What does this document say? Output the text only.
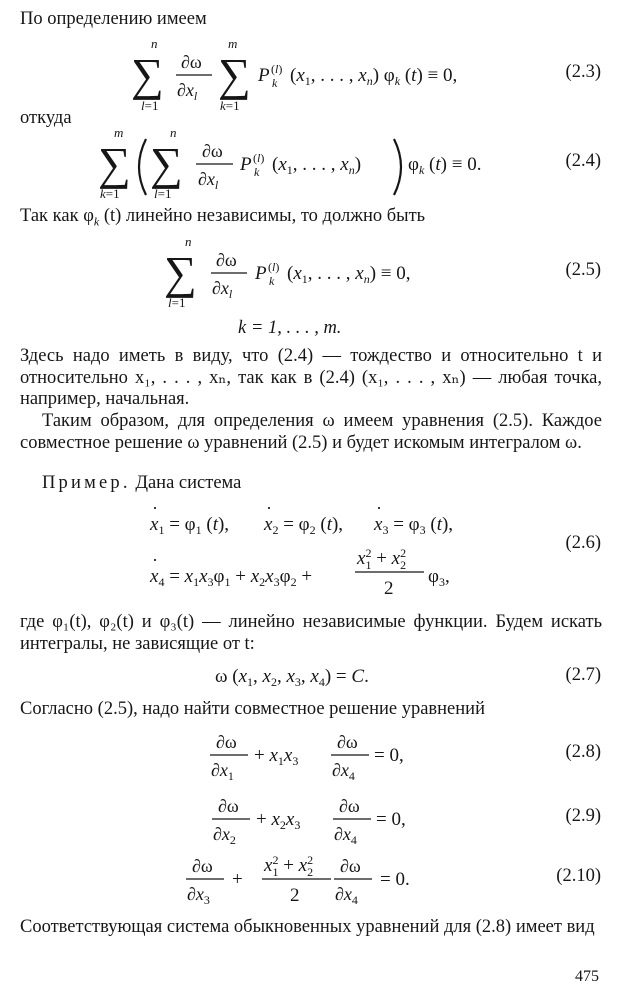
По определению имеем

n
∑
l=1
∂ω
$\partial x_l$
m
∑
k=1
P (l)
k ($x_1$, . . . , $x_n$) $\varphi_k$ (t) ≡ 0,	(2.3)

откуда

m
∑
k=1
n
∑
l=1
∂ω
$\partial x_l$
P (l)
k ($x_1$, . . . , $x_n$) $\varphi_k$ (t) ≡ 0.	(2.4)

Так как $\varphi_k$ (t) линейно независимы, то должно быть

n
∑
l=1
∂ω
$\partial x_l$
P (l)
k ($x_1$, . . . , $x_n) \equiv 0$,	(2.5)

k = 1, . . . , m.

Здесь надо иметь в виду, что (2.4) — тождество и относительно t и относительно x₁, . . . , xₙ, так как в (2.4) (x₁, . . . , xₙ) — любая точка, например, начальная.

Таким образом, для определения ω имеем уравнения (2.5). Каждое совместное решение ω уравнений (2.5) и будет искомым интегралом ω.

Пример. Дана система

·
$x_1 = \varphi_1$ (t),
·
$x_2 = \varphi_2$ (t),
·
$x_3 = \varphi_3$ (t),
·
$x_4 = x_1x_3\varphi_1 + x_2x_3\varphi_2$ +
$x^2$ $1 + x^2$ 2
2
$\varphi_3$,
(2.6)

где φ₁(t), φ₂(t) и φ₃(t) — линейно независимые функции. Будем искать интегралы, не зависящие от t:

ω ($x_1$, $x_2$, $x_3$, $x_4) = C$.	(2.7)

Согласно (2.5), надо найти совместное решение уравнений

∂ω
$\partial x_1$
+ $x_1x_3$
∂ω
$\partial x_4$
= 0,	(2.8)
∂ω
$\partial x_2$
+ $x_2x_3$
∂ω
$\partial x_4$
= 0,	(2.9)
∂ω
$\partial x_3$
+
$x^2$ $1 + x^2$ 2
2
∂ω
$\partial x_4$
= 0.	(2.10)

Соответствующая система обыкновенных уравнений для (2.8) имеет вид

475
